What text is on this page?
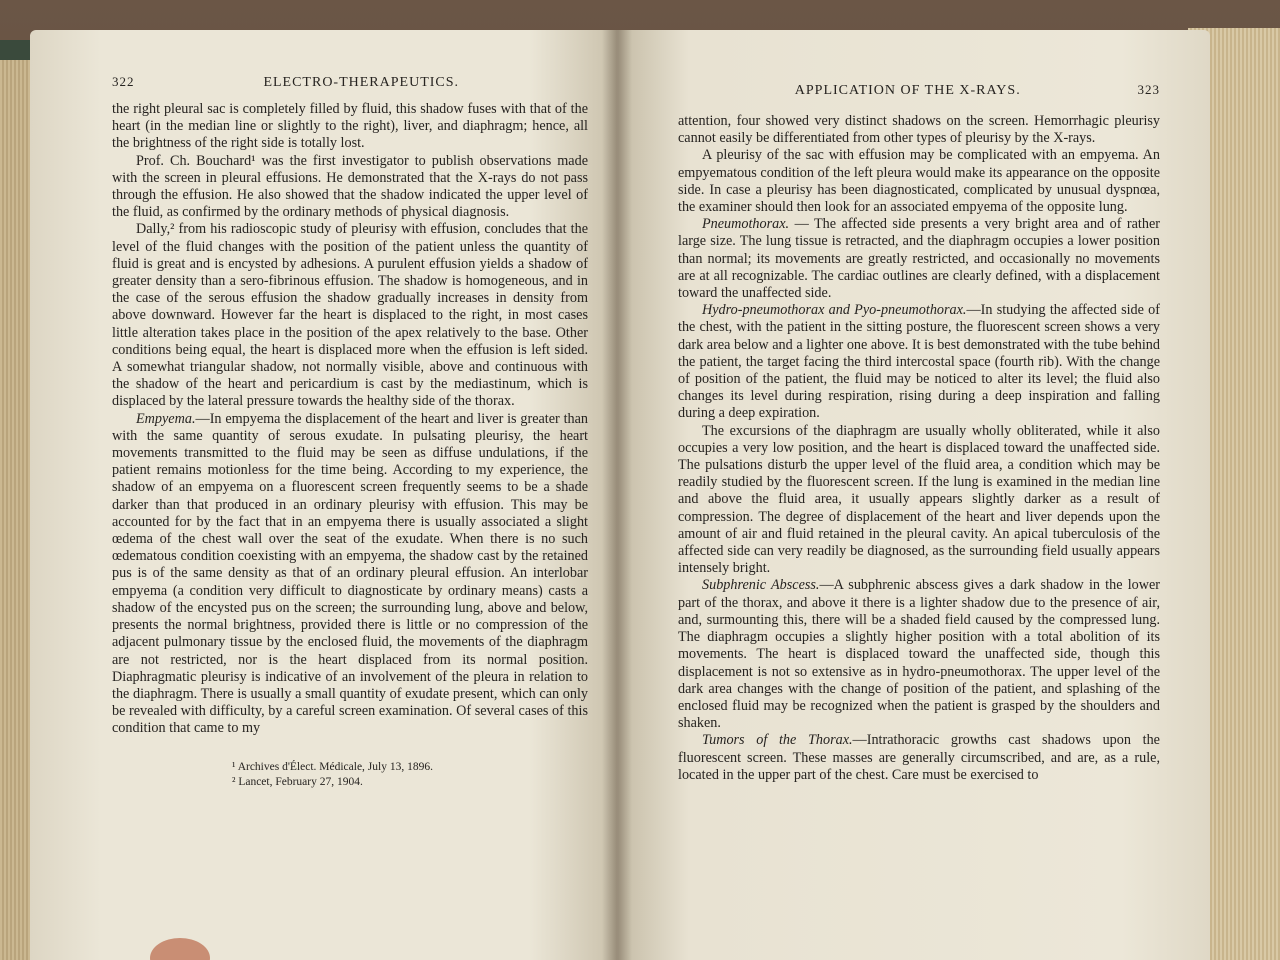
322	ELECTRO-THERAPEUTICS.

the right pleural sac is completely filled by fluid, this shadow fuses with that of the heart (in the median line or slightly to the right), liver, and diaphragm; hence, all the brightness of the right side is totally lost.

Prof. Ch. Bouchard¹ was the first investigator to publish observations made with the screen in pleural effusions. He demonstrated that the X-rays do not pass through the effusion. He also showed that the shadow indicated the upper level of the fluid, as confirmed by the ordinary methods of physical diagnosis.

Dally,² from his radioscopic study of pleurisy with effusion, concludes that the level of the fluid changes with the position of the patient unless the quantity of fluid is great and is encysted by adhesions. A purulent effusion yields a shadow of greater density than a sero-fibrinous effusion. The shadow is homogeneous, and in the case of the serous effusion the shadow gradually increases in density from above downward. However far the heart is displaced to the right, in most cases little alteration takes place in the position of the apex relatively to the base. Other conditions being equal, the heart is displaced more when the effusion is left sided. A somewhat triangular shadow, not normally visible, above and continuous with the shadow of the heart and pericardium is cast by the mediastinum, which is displaced by the lateral pressure towards the healthy side of the thorax.

Empyema.—In empyema the displacement of the heart and liver is greater than with the same quantity of serous exudate. In pulsating pleurisy, the heart movements transmitted to the fluid may be seen as diffuse undulations, if the patient remains motionless for the time being. According to my experience, the shadow of an empyema on a fluorescent screen frequently seems to be a shade darker than that produced in an ordinary pleurisy with effusion. This may be accounted for by the fact that in an empyema there is usually associated a slight œdema of the chest wall over the seat of the exudate. When there is no such œdematous condition coexisting with an empyema, the shadow cast by the retained pus is of the same density as that of an ordinary pleural effusion. An interlobar empyema (a condition very difficult to diagnosticate by ordinary means) casts a shadow of the encysted pus on the screen; the surrounding lung, above and below, presents the normal brightness, provided there is little or no compression of the adjacent pulmonary tissue by the enclosed fluid, the movements of the diaphragm are not restricted, nor is the heart displaced from its normal position. Diaphragmatic pleurisy is indicative of an involvement of the pleura in relation to the diaphragm. There is usually a small quantity of exudate present, which can only be revealed with difficulty, by a careful screen examination. Of several cases of this condition that came to my

¹ Archives d'Élect. Médicale, July 13, 1896.
² Lancet, February 27, 1904.
APPLICATION OF THE X-RAYS.	323

attention, four showed very distinct shadows on the screen. Hemorrhagic pleurisy cannot easily be differentiated from other types of pleurisy by the X-rays.

A pleurisy of the sac with effusion may be complicated with an empyema. An empyematous condition of the left pleura would make its appearance on the opposite side. In case a pleurisy has been diagnosticated, complicated by unusual dyspnœa, the examiner should then look for an associated empyema of the opposite lung.

Pneumothorax. — The affected side presents a very bright area and of rather large size. The lung tissue is retracted, and the diaphragm occupies a lower position than normal; its movements are greatly restricted, and occasionally no movements are at all recognizable. The cardiac outlines are clearly defined, with a displacement toward the unaffected side.

Hydro-pneumothorax and Pyo-pneumothorax.—In studying the affected side of the chest, with the patient in the sitting posture, the fluorescent screen shows a very dark area below and a lighter one above. It is best demonstrated with the tube behind the patient, the target facing the third intercostal space (fourth rib). With the change of position of the patient, the fluid may be noticed to alter its level; the fluid also changes its level during respiration, rising during a deep inspiration and falling during a deep expiration.

The excursions of the diaphragm are usually wholly obliterated, while it also occupies a very low position, and the heart is displaced toward the unaffected side. The pulsations disturb the upper level of the fluid area, a condition which may be readily studied by the fluorescent screen. If the lung is examined in the median line and above the fluid area, it usually appears slightly darker as a result of compression. The degree of displacement of the heart and liver depends upon the amount of air and fluid retained in the pleural cavity. An apical tuberculosis of the affected side can very readily be diagnosed, as the surrounding field usually appears intensely bright.

Subphrenic Abscess.—A subphrenic abscess gives a dark shadow in the lower part of the thorax, and above it there is a lighter shadow due to the presence of air, and, surmounting this, there will be a shaded field caused by the compressed lung. The diaphragm occupies a slightly higher position with a total abolition of its movements. The heart is displaced toward the unaffected side, though this displacement is not so extensive as in hydro-pneumothorax. The upper level of the dark area changes with the change of position of the patient, and splashing of the enclosed fluid may be recognized when the patient is grasped by the shoulders and shaken.

Tumors of the Thorax.—Intrathoracic growths cast shadows upon the fluorescent screen. These masses are generally circumscribed, and are, as a rule, located in the upper part of the chest. Care must be exercised to
